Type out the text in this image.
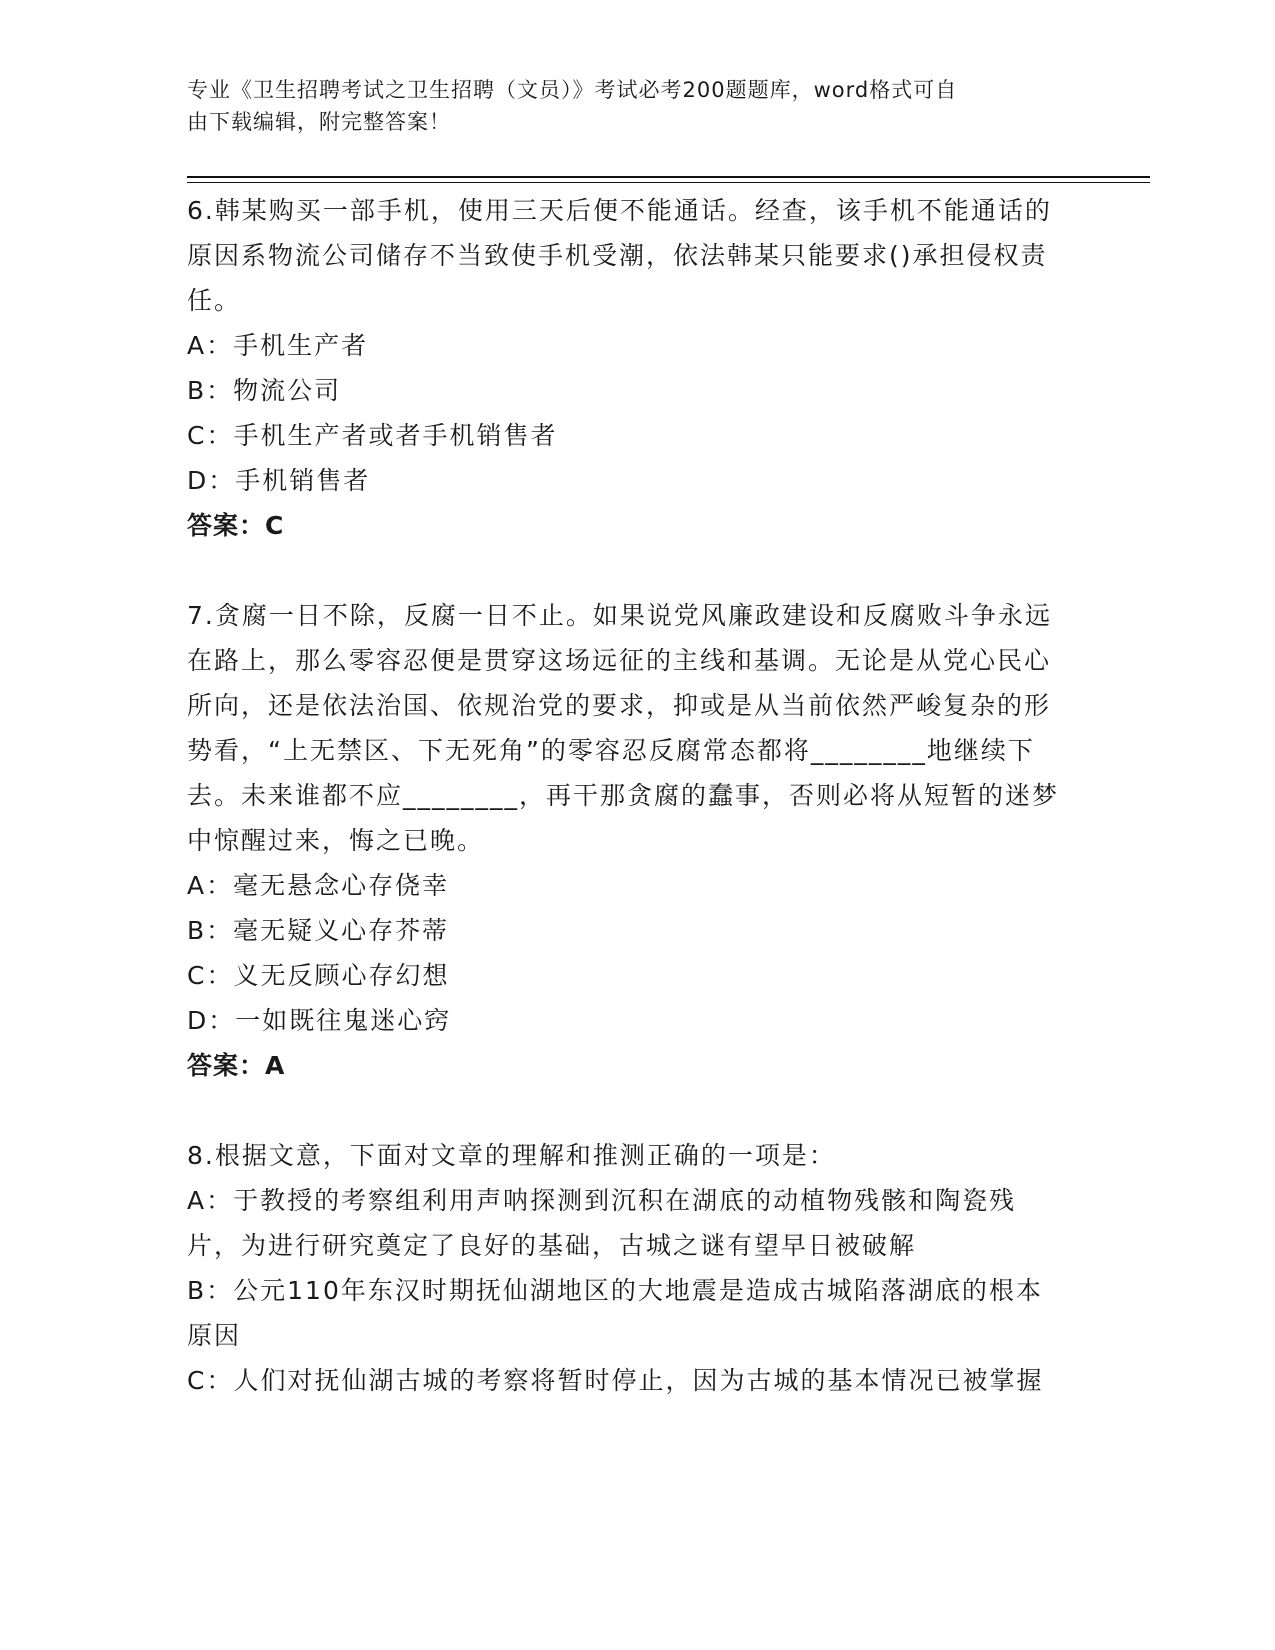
专业《卫生招聘考试之卫生招聘（文员）》考试必考200题题库，word格式可自
由下载编辑，附完整答案！

6.韩某购买一部手机，使用三天后便不能通话。经查，该手机不能通话的原因系物流公司储存不当致使手机受潮，依法韩某只能要求()承担侵权责任。

A：手机生产者

B：物流公司

C：手机生产者或者手机销售者

D：手机销售者

答案：C

7.贪腐一日不除，反腐一日不止。如果说党风廉政建设和反腐败斗争永远在路上，那么零容忍便是贯穿这场远征的主线和基调。无论是从党心民心所向，还是依法治国、依规治党的要求，抑或是从当前依然严峻复杂的形势看，“上无禁区、下无死角”的零容忍反腐常态都将________地继续下去。未来谁都不应________，再干那贪腐的蠢事，否则必将从短暂的迷梦中惊醒过来，悔之已晚。

A：毫无悬念心存侥幸

B：毫无疑义心存芥蒂

C：义无反顾心存幻想

D：一如既往鬼迷心窍

答案：A

8.根据文意，下面对文章的理解和推测正确的一项是：

A：于教授的考察组利用声呐探测到沉积在湖底的动植物残骸和陶瓷残片，为进行研究奠定了良好的基础，古城之谜有望早日被破解

B：公元110年东汉时期抚仙湖地区的大地震是造成古城陷落湖底的根本原因

C：人们对抚仙湖古城的考察将暂时停止，因为古城的基本情况已被掌握
